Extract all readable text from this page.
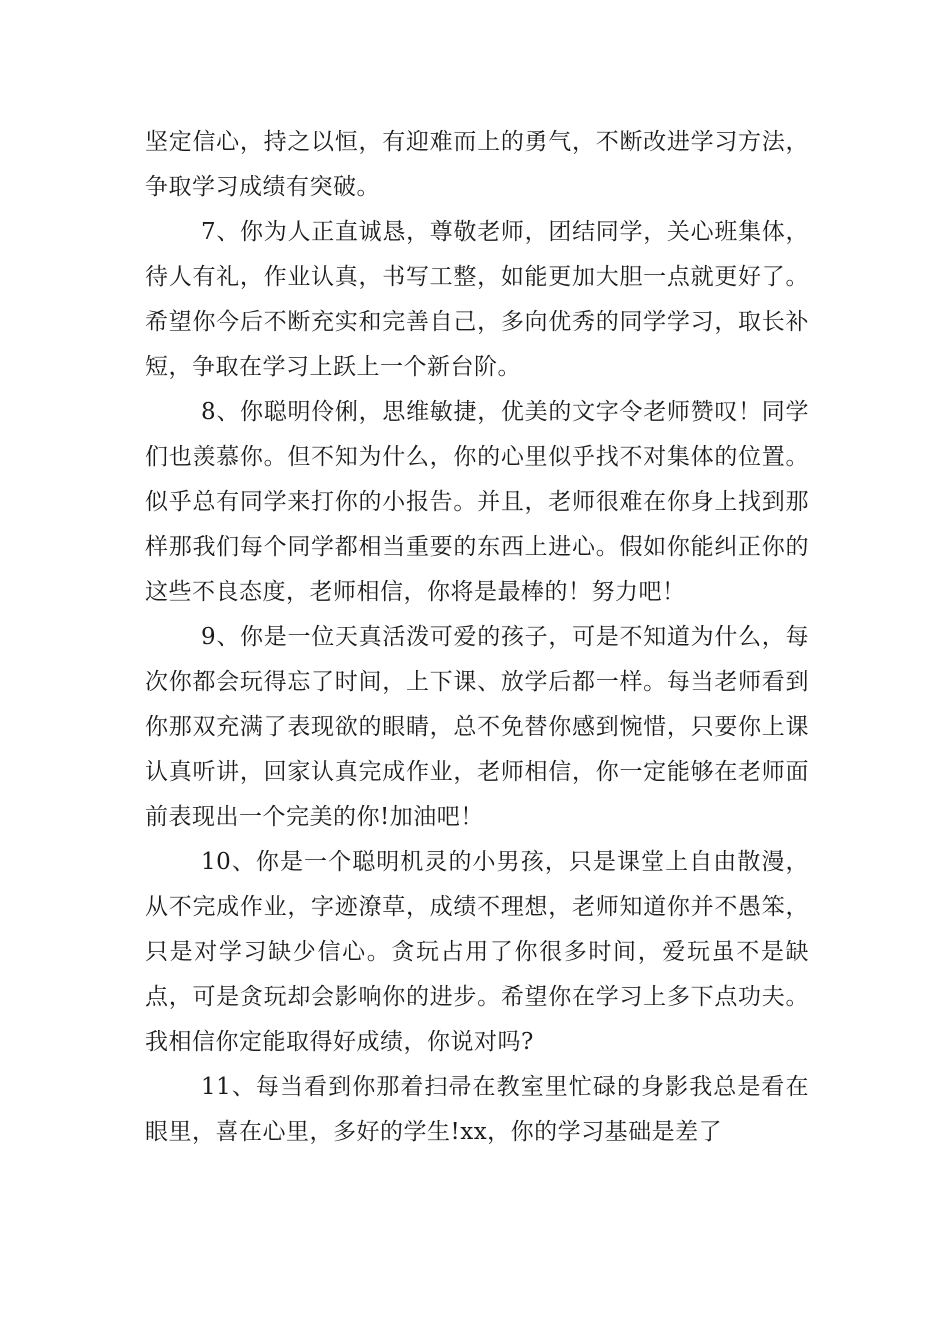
坚定信心，持之以恒，有迎难而上的勇气，不断改进学习方法，争取学习成绩有突破。

7、你为人正直诚恳，尊敬老师，团结同学，关心班集体，待人有礼，作业认真，书写工整，如能更加大胆一点就更好了。希望你今后不断充实和完善自己，多向优秀的同学学习，取长补短，争取在学习上跃上一个新台阶。

8、你聪明伶俐，思维敏捷，优美的文字令老师赞叹！同学们也羡慕你。但不知为什么，你的心里似乎找不对集体的位置。似乎总有同学来打你的小报告。并且，老师很难在你身上找到那样那我们每个同学都相当重要的东西上进心。假如你能纠正你的这些不良态度，老师相信，你将是最棒的！努力吧！

9、你是一位天真活泼可爱的孩子，可是不知道为什么，每次你都会玩得忘了时间，上下课、放学后都一样。每当老师看到你那双充满了表现欲的眼睛，总不免替你感到惋惜，只要你上课认真听讲，回家认真完成作业，老师相信，你一定能够在老师面前表现出一个完美的你!加油吧！

10、你是一个聪明机灵的小男孩，只是课堂上自由散漫，从不完成作业，字迹潦草，成绩不理想，老师知道你并不愚笨，只是对学习缺少信心。贪玩占用了你很多时间，爱玩虽不是缺点，可是贪玩却会影响你的进步。希望你在学习上多下点功夫。我相信你定能取得好成绩，你说对吗?

11、每当看到你那着扫帚在教室里忙碌的身影我总是看在眼里，喜在心里，多好的学生!xx，你的学习基础是差了
